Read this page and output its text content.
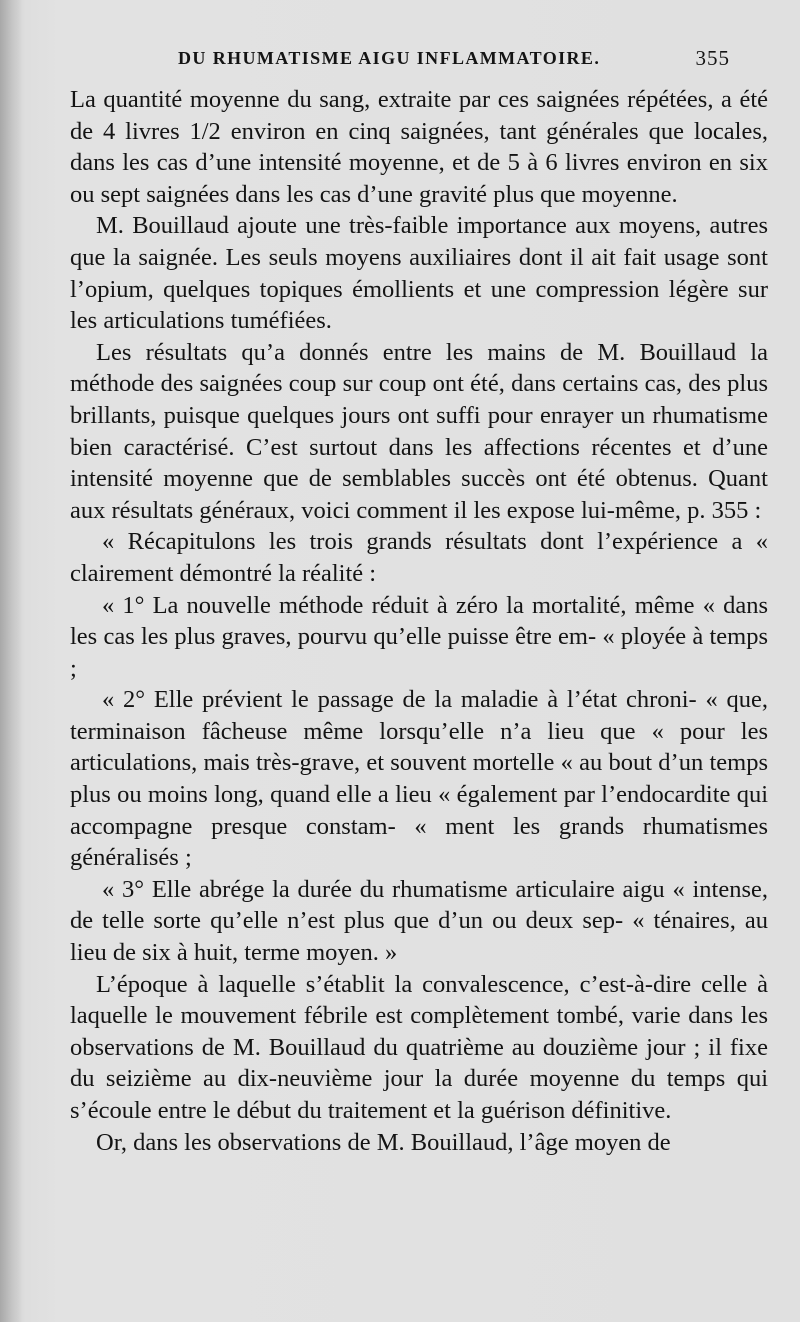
DU RHUMATISME AIGU INFLAMMATOIRE.	355

La quantité moyenne du sang, extraite par ces saignées répétées, a été de 4 livres 1/2 environ en cinq saignées, tant générales que locales, dans les cas d’une intensité moyenne, et de 5 à 6 livres environ en six ou sept saignées dans les cas d’une gravité plus que moyenne.

M. Bouillaud ajoute une très-faible importance aux moyens, autres que la saignée. Les seuls moyens auxiliaires dont il ait fait usage sont l’opium, quelques topiques émollients et une compression légère sur les articulations tuméfiées.

Les résultats qu’a donnés entre les mains de M. Bouillaud la méthode des saignées coup sur coup ont été, dans certains cas, des plus brillants, puisque quelques jours ont suffi pour enrayer un rhumatisme bien caractérisé. C’est surtout dans les affections récentes et d’une intensité moyenne que de semblables succès ont été obtenus. Quant aux résultats généraux, voici comment il les expose lui-même, p. 355 :

« Récapitulons les trois grands résultats dont l’expérience a « clairement démontré la réalité :

« 1° La nouvelle méthode réduit à zéro la mortalité, même « dans les cas les plus graves, pourvu qu’elle puisse être em- « ployée à temps ;

« 2° Elle prévient le passage de la maladie à l’état chroni- « que, terminaison fâcheuse même lorsqu’elle n’a lieu que « pour les articulations, mais très-grave, et souvent mortelle « au bout d’un temps plus ou moins long, quand elle a lieu « également par l’endocardite qui accompagne presque constam- « ment les grands rhumatismes généralisés ;

« 3° Elle abrége la durée du rhumatisme articulaire aigu « intense, de telle sorte qu’elle n’est plus que d’un ou deux sep- « ténaires, au lieu de six à huit, terme moyen. »

L’époque à laquelle s’établit la convalescence, c’est-à-dire celle à laquelle le mouvement fébrile est complètement tombé, varie dans les observations de M. Bouillaud du quatrième au douzième jour ; il fixe du seizième au dix-neuvième jour la durée moyenne du temps qui s’écoule entre le début du traitement et la guérison définitive.

Or, dans les observations de M. Bouillaud, l’âge moyen de
